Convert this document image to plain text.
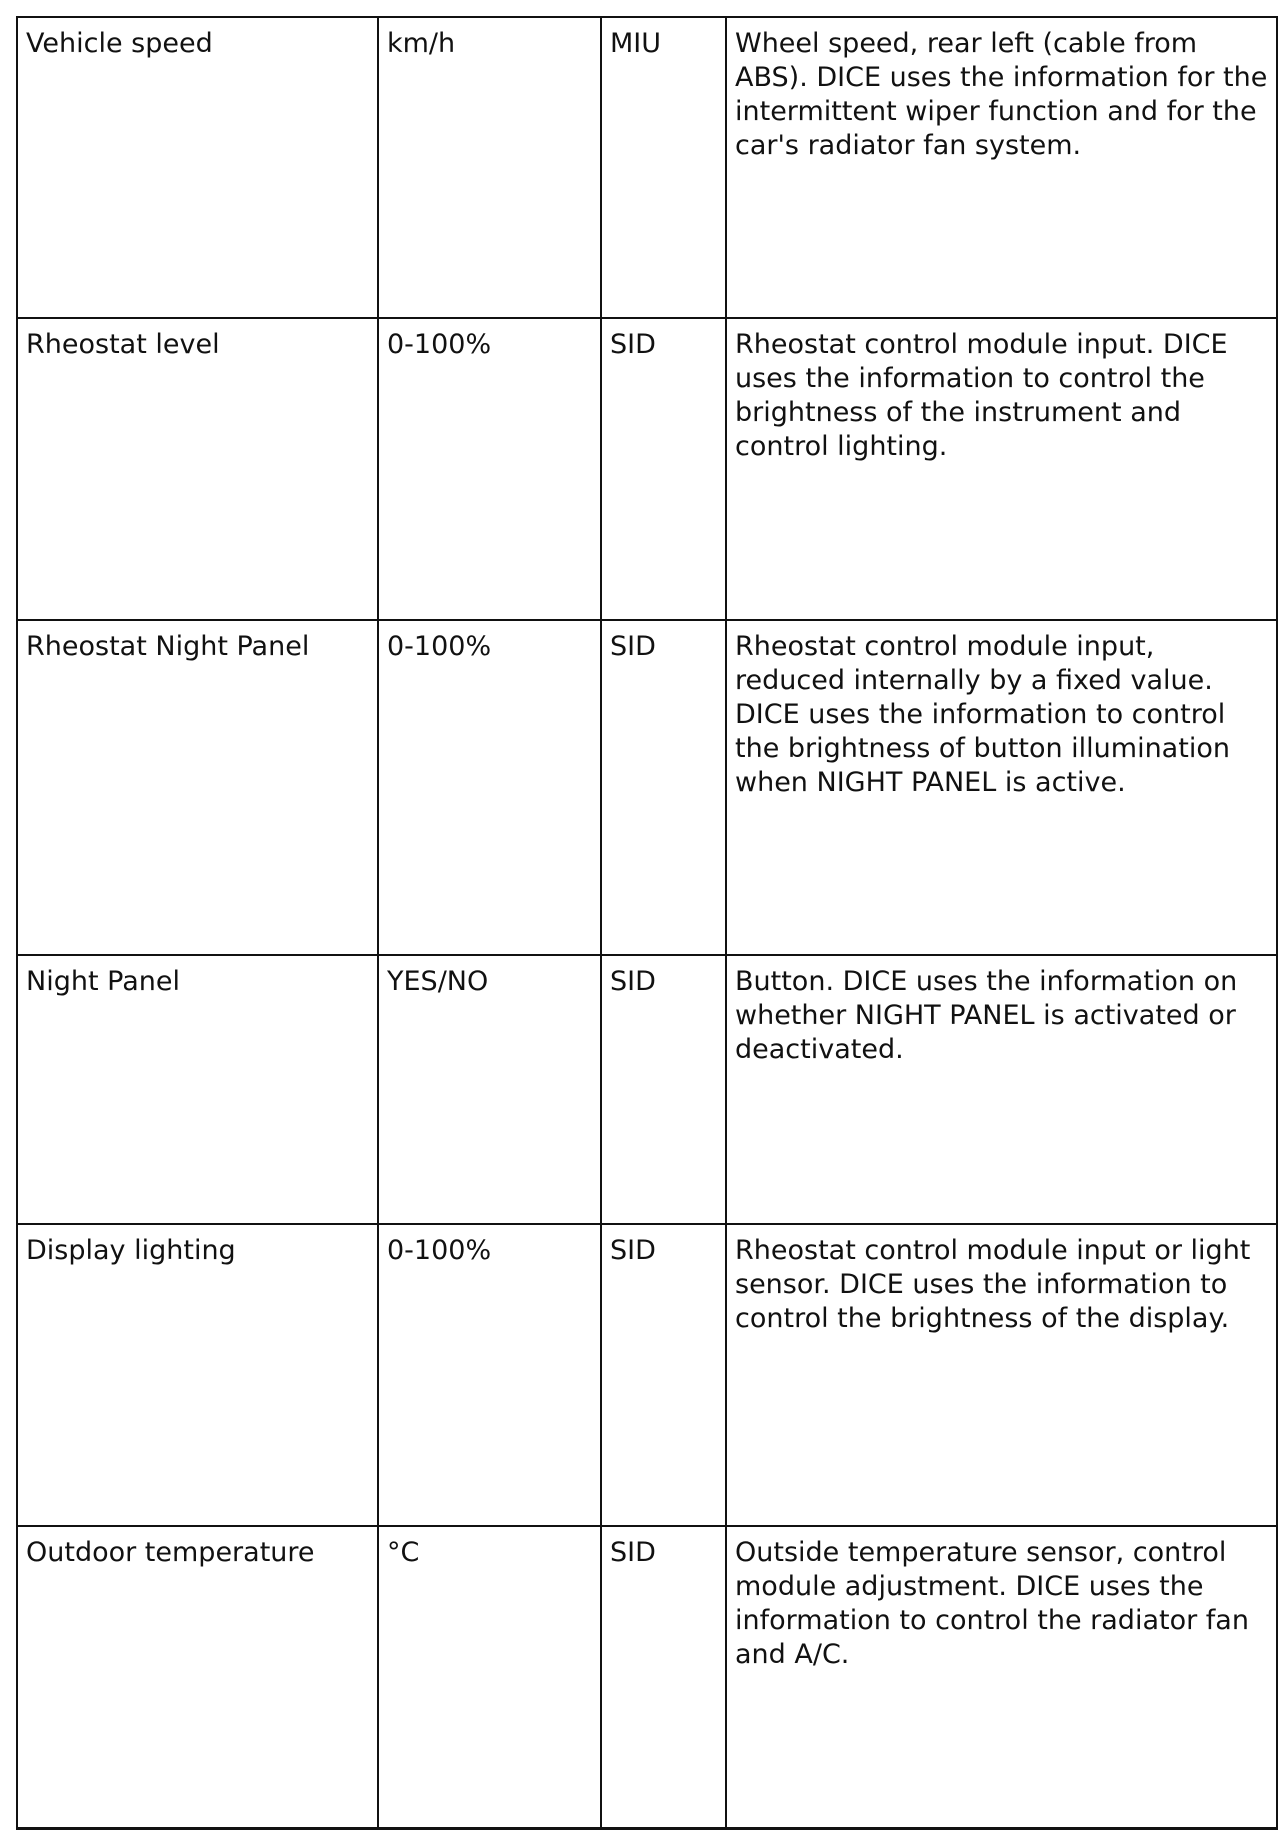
Vehicle speed	km/h	MIU	Wheel speed, rear left (cable from ABS). DICE uses the information for the intermittent wiper function and for the car's radiator fan system.
Rheostat level	0-100%	SID	Rheostat control module input. DICE uses the information to control the brightness of the instrument and control lighting.
Rheostat Night Panel	0-100%	SID	Rheostat control module input, reduced internally by a fixed value. DICE uses the information to control the brightness of button illumination when NIGHT PANEL is active.
Night Panel	YES/NO	SID	Button. DICE uses the information on whether NIGHT PANEL is activated or deactivated.
Display lighting	0-100%	SID	Rheostat control module input or light sensor. DICE uses the information to control the brightness of the display.
Outdoor temperature	°C	SID	Outside temperature sensor, control module adjustment. DICE uses the information to control the radiator fan and A/C.
